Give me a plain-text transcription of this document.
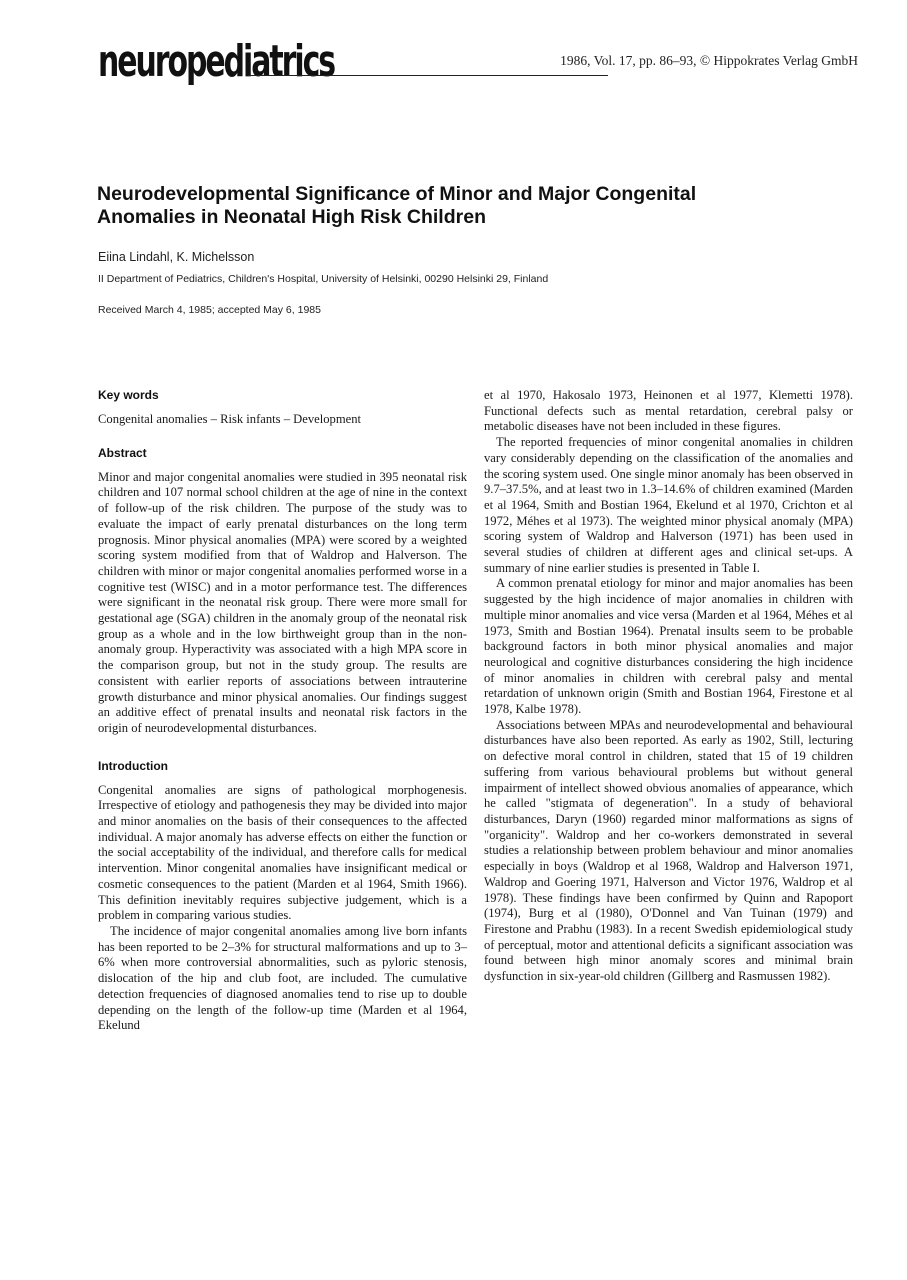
neuropediatrics	1986, Vol. 17, pp. 86–93, © Hippokrates Verlag GmbH
Neurodevelopmental Significance of Minor and Major Congenital
Anomalies in Neonatal High Risk Children
Eiina Lindahl, K. Michelsson
II Department of Pediatrics, Children's Hospital, University of Helsinki, 00290 Helsinki 29, Finland
Received March 4, 1985; accepted May 6, 1985
Key words

Congenital anomalies – Risk infants – Development

Abstract

Minor and major congenital anomalies were studied in 395 neonatal risk children and 107 normal school children at the age of nine in the context of follow-up of the risk children. The purpose of the study was to evaluate the impact of early prenatal disturbances on the long term prognosis. Minor physical anomalies (MPA) were scored by a weighted scoring system modified from that of Waldrop and Halverson. The children with minor or major congenital anomalies performed worse in a cognitive test (WISC) and in a motor performance test. The differences were significant in the neonatal risk group. There were more small for gestational age (SGA) children in the anomaly group of the neonatal risk group as a whole and in the low birthweight group than in the non-anomaly group. Hyperactivity was associated with a high MPA score in the comparison group, but not in the study group. The results are consistent with earlier reports of associations between intrauterine growth disturbance and minor physical anomalies. Our findings suggest an additive effect of prenatal insults and neonatal risk factors in the origin of neurodevelopmental disturbances.

Introduction

Congenital anomalies are signs of pathological morphogenesis. Irrespective of etiology and pathogenesis they may be divided into major and minor anomalies on the basis of their consequences to the affected individual. A major anomaly has adverse effects on either the function or the social acceptability of the individual, and therefore calls for medical intervention. Minor congenital anomalies have insignificant medical or cosmetic consequences to the patient (Marden et al 1964, Smith 1966). This definition inevitably requires subjective judgement, which is a problem in comparing various studies.

The incidence of major congenital anomalies among live born infants has been reported to be 2–3% for structural malformations and up to 3–6% when more controversial abnormalities, such as pyloric stenosis, dislocation of the hip and club foot, are included. The cumulative detection frequencies of diagnosed anomalies tend to rise up to double depending on the length of the follow-up time (Marden et al 1964, Ekelund

et al 1970, Hakosalo 1973, Heinonen et al 1977, Klemetti 1978). Functional defects such as mental retardation, cerebral palsy or metabolic diseases have not been included in these figures.

The reported frequencies of minor congenital anomalies in children vary considerably depending on the classification of the anomalies and the scoring system used. One single minor anomaly has been observed in 9.7–37.5%, and at least two in 1.3–14.6% of children examined (Marden et al 1964, Smith and Bostian 1964, Ekelund et al 1970, Crichton et al 1972, Méhes et al 1973). The weighted minor physical anomaly (MPA) scoring system of Waldrop and Halverson (1971) has been used in several studies of children at different ages and clinical set-ups. A summary of nine earlier studies is presented in Table I.

A common prenatal etiology for minor and major anomalies has been suggested by the high incidence of major anomalies in children with multiple minor anomalies and vice versa (Marden et al 1964, Méhes et al 1973, Smith and Bostian 1964). Prenatal insults seem to be probable background factors in both minor physical anomalies and major neurological and cognitive disturbances considering the high incidence of minor anomalies in children with cerebral palsy and mental retardation of unknown origin (Smith and Bostian 1964, Firestone et al 1978, Kalbe 1978).

Associations between MPAs and neurodevelopmental and behavioural disturbances have also been reported. As early as 1902, Still, lecturing on defective moral control in children, stated that 15 of 19 children suffering from various behavioural problems but without general impairment of intellect showed obvious anomalies of appearance, which he called "stigmata of degeneration". In a study of behavioral disturbances, Daryn (1960) regarded minor malformations as signs of "organicity". Waldrop and her co-workers demonstrated in several studies a relationship between problem behaviour and minor anomalies especially in boys (Waldrop et al 1968, Waldrop and Halverson 1971, Waldrop and Goering 1971, Halverson and Victor 1976, Waldrop et al 1978). These findings have been confirmed by Quinn and Rapoport (1974), Burg et al (1980), O'Donnel and Van Tuinan (1979) and Firestone and Prabhu (1983). In a recent Swedish epidemiological study of perceptual, motor and attentional deficits a significant association was found between high minor anomaly scores and minimal brain dysfunction in six-year-old children (Gillberg and Rasmussen 1982).
